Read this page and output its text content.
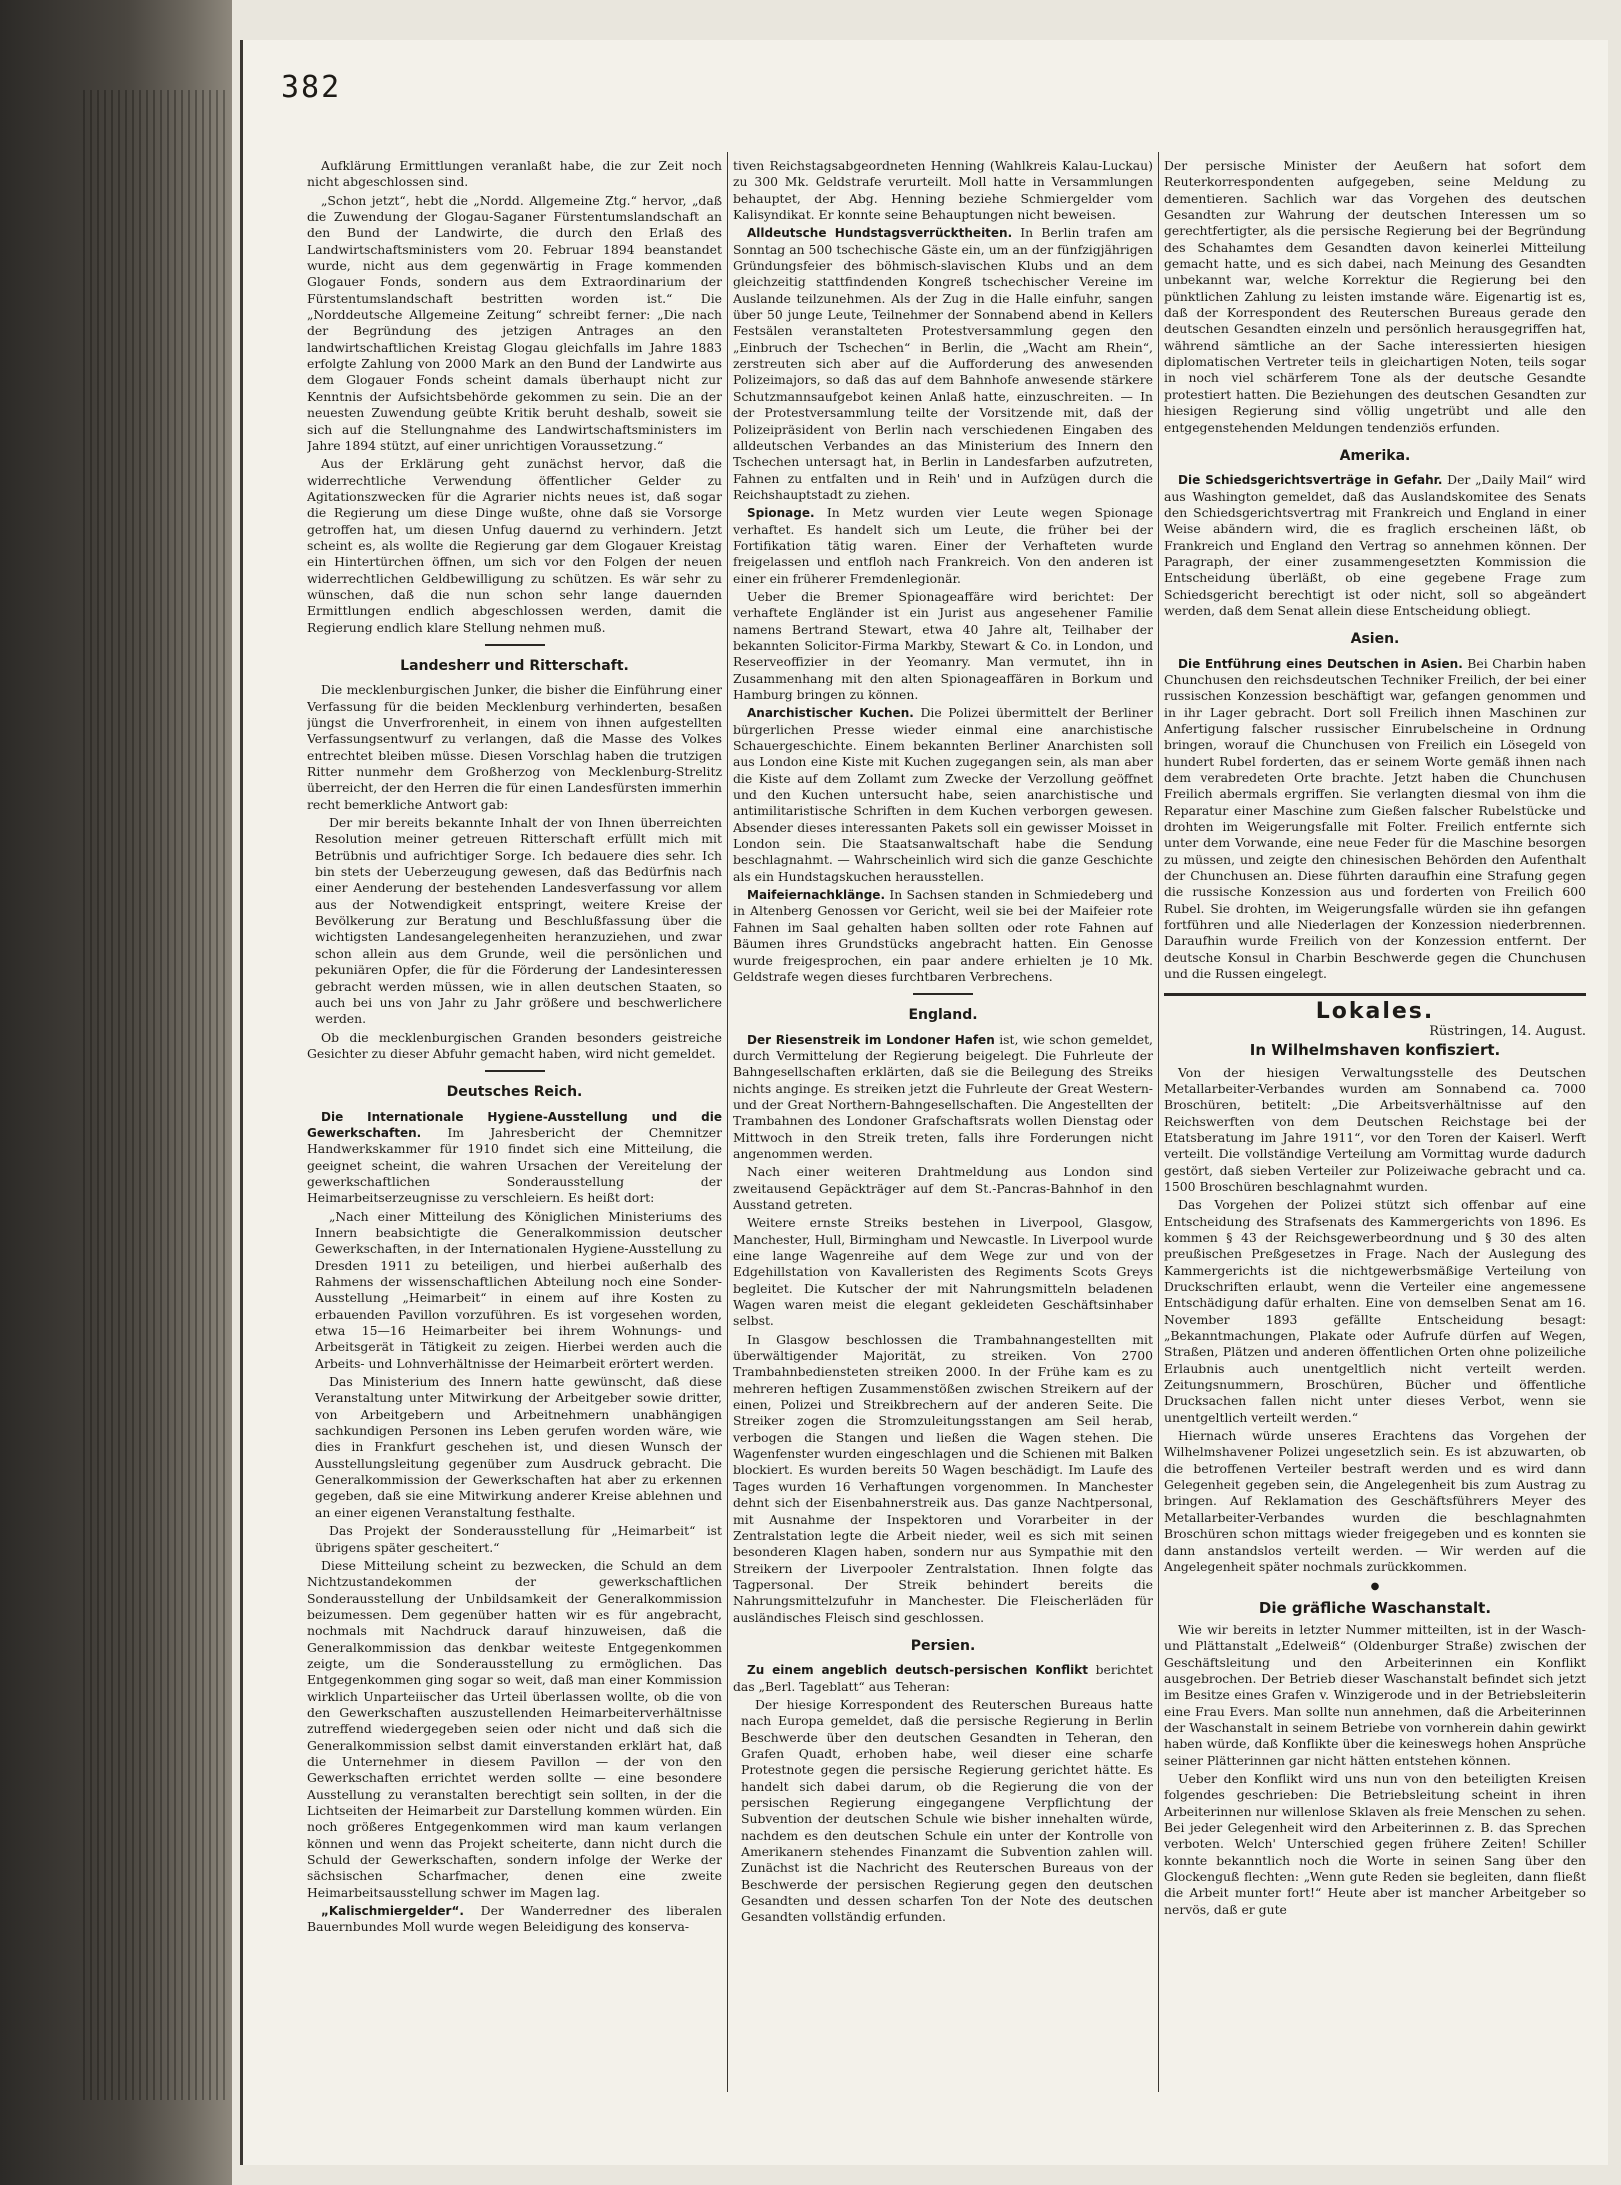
382

Aufklärung Ermittlungen veranlaßt habe, die zur Zeit noch nicht abgeschlossen sind.

„Schon jetzt“, hebt die „Nordd. Allgemeine Ztg.“ hervor, „daß die Zuwendung der Glogau-Saganer Fürstentumslandschaft an den Bund der Landwirte, die durch den Erlaß des Landwirtschaftsministers vom 20. Februar 1894 beanstandet wurde, nicht aus dem gegenwärtig in Frage kommenden Glogauer Fonds, sondern aus dem Extraordinarium der Fürstentumslandschaft bestritten worden ist.“ Die „Norddeutsche Allgemeine Zeitung“ schreibt ferner: „Die nach der Begründung des jetzigen Antrages an den landwirtschaftlichen Kreistag Glogau gleichfalls im Jahre 1883 erfolgte Zahlung von 2000 Mark an den Bund der Landwirte aus dem Glogauer Fonds scheint damals überhaupt nicht zur Kenntnis der Aufsichtsbehörde gekommen zu sein. Die an der neuesten Zuwendung geübte Kritik beruht deshalb, soweit sie sich auf die Stellungnahme des Landwirtschaftsministers im Jahre 1894 stützt, auf einer unrichtigen Voraussetzung.“

Aus der Erklärung geht zunächst hervor, daß die widerrechtliche Verwendung öffentlicher Gelder zu Agitationszwecken für die Agrarier nichts neues ist, daß sogar die Regierung um diese Dinge wußte, ohne daß sie Vorsorge getroffen hat, um diesen Unfug dauernd zu verhindern. Jetzt scheint es, als wollte die Regierung gar dem Glogauer Kreistag ein Hintertürchen öffnen, um sich vor den Folgen der neuen widerrechtlichen Geldbewilligung zu schützen. Es wär sehr zu wünschen, daß die nun schon sehr lange dauernden Ermittlungen endlich abgeschlossen werden, damit die Regierung endlich klare Stellung nehmen muß.

Landesherr und Ritterschaft.

Die mecklenburgischen Junker, die bisher die Einführung einer Verfassung für die beiden Mecklenburg verhinderten, besaßen jüngst die Unverfrorenheit, in einem von ihnen aufgestellten Verfassungsentwurf zu verlangen, daß die Masse des Volkes entrechtet bleiben müsse. Diesen Vorschlag haben die trutzigen Ritter nunmehr dem Großherzog von Mecklenburg-Strelitz überreicht, der den Herren die für einen Landesfürsten immerhin recht bemerkliche Antwort gab:

Der mir bereits bekannte Inhalt der von Ihnen überreichten Resolution meiner getreuen Ritterschaft erfüllt mich mit Betrübnis und aufrichtiger Sorge. Ich bedauere dies sehr. Ich bin stets der Ueberzeugung gewesen, daß das Bedürfnis nach einer Aenderung der bestehenden Landesverfassung vor allem aus der Notwendigkeit entspringt, weitere Kreise der Bevölkerung zur Beratung und Beschlußfassung über die wichtigsten Landesangelegenheiten heranzuziehen, und zwar schon allein aus dem Grunde, weil die persönlichen und pekuniären Opfer, die für die Förderung der Landesinteressen gebracht werden müssen, wie in allen deutschen Staaten, so auch bei uns von Jahr zu Jahr größere und beschwerlichere werden.

Ob die mecklenburgischen Granden besonders geistreiche Gesichter zu dieser Abfuhr gemacht haben, wird nicht gemeldet.

Deutsches Reich.

Die Internationale Hygiene-Ausstellung und die Gewerkschaften. Im Jahresbericht der Chemnitzer Handwerkskammer für 1910 findet sich eine Mitteilung, die geeignet scheint, die wahren Ursachen der Vereitelung der gewerkschaftlichen Sonderausstellung der Heimarbeitserzeugnisse zu verschleiern. Es heißt dort:

„Nach einer Mitteilung des Königlichen Ministeriums des Innern beabsichtigte die Generalkommission deutscher Gewerkschaften, in der Internationalen Hygiene-Ausstellung zu Dresden 1911 zu beteiligen, und hierbei außerhalb des Rahmens der wissenschaftlichen Abteilung noch eine Sonder-Ausstellung „Heimarbeit“ in einem auf ihre Kosten zu erbauenden Pavillon vorzuführen. Es ist vorgesehen worden, etwa 15—16 Heimarbeiter bei ihrem Wohnungs- und Arbeitsgerät in Tätigkeit zu zeigen. Hierbei werden auch die Arbeits- und Lohnverhältnisse der Heimarbeit erörtert werden.

Das Ministerium des Innern hatte gewünscht, daß diese Veranstaltung unter Mitwirkung der Arbeitgeber sowie dritter, von Arbeitgebern und Arbeitnehmern unabhängigen sachkundigen Personen ins Leben gerufen worden wäre, wie dies in Frankfurt geschehen ist, und diesen Wunsch der Ausstellungsleitung gegenüber zum Ausdruck gebracht. Die Generalkommission der Gewerkschaften hat aber zu erkennen gegeben, daß sie eine Mitwirkung anderer Kreise ablehnen und an einer eigenen Veranstaltung festhalte.

Das Projekt der Sonderausstellung für „Heimarbeit“ ist übrigens später gescheitert.“

Diese Mitteilung scheint zu bezwecken, die Schuld an dem Nichtzustandekommen der gewerkschaftlichen Sonderausstellung der Unbildsamkeit der Generalkommission beizumessen. Dem gegenüber hatten wir es für angebracht, nochmals mit Nachdruck darauf hinzuweisen, daß die Generalkommission das denkbar weiteste Entgegenkommen zeigte, um die Sonderausstellung zu ermöglichen. Das Entgegenkommen ging sogar so weit, daß man einer Kommission wirklich Unparteiischer das Urteil überlassen wollte, ob die von den Gewerkschaften auszustellenden Heimarbeiterverhältnisse zutreffend wiedergegeben seien oder nicht und daß sich die Generalkommission selbst damit einverstanden erklärt hat, daß die Unternehmer in diesem Pavillon — der von den Gewerkschaften errichtet werden sollte — eine besondere Ausstellung zu veranstalten berechtigt sein sollten, in der die Lichtseiten der Heimarbeit zur Darstellung kommen würden. Ein noch größeres Entgegenkommen wird man kaum verlangen können und wenn das Projekt scheiterte, dann nicht durch die Schuld der Gewerkschaften, sondern infolge der Werke der sächsischen Scharfmacher, denen eine zweite Heimarbeitsausstellung schwer im Magen lag.

„Kalischmiergelder“. Der Wanderredner des liberalen Bauernbundes Moll wurde wegen Beleidigung des konserva-

tiven Reichstagsabgeordneten Henning (Wahlkreis Kalau-Luckau) zu 300 Mk. Geldstrafe verurteilt. Moll hatte in Versammlungen behauptet, der Abg. Henning beziehe Schmiergelder vom Kalisyndikat. Er konnte seine Behauptungen nicht beweisen.

Alldeutsche Hundstagsverrücktheiten. In Berlin trafen am Sonntag an 500 tschechische Gäste ein, um an der fünfzigjährigen Gründungsfeier des böhmisch-slavischen Klubs und an dem gleichzeitig stattfindenden Kongreß tschechischer Vereine im Auslande teilzunehmen. Als der Zug in die Halle einfuhr, sangen über 50 junge Leute, Teilnehmer der Sonnabend abend in Kellers Festsälen veranstalteten Protestversammlung gegen den „Einbruch der Tschechen“ in Berlin, die „Wacht am Rhein“, zerstreuten sich aber auf die Aufforderung des anwesenden Polizeimajors, so daß das auf dem Bahnhofe anwesende stärkere Schutzmannsaufgebot keinen Anlaß hatte, einzuschreiten. — In der Protestversammlung teilte der Vorsitzende mit, daß der Polizeipräsident von Berlin nach verschiedenen Eingaben des alldeutschen Verbandes an das Ministerium des Innern den Tschechen untersagt hat, in Berlin in Landesfarben aufzutreten, Fahnen zu entfalten und in Reih' und in Aufzügen durch die Reichshauptstadt zu ziehen.

Spionage. In Metz wurden vier Leute wegen Spionage verhaftet. Es handelt sich um Leute, die früher bei der Fortifikation tätig waren. Einer der Verhafteten wurde freigelassen und entfloh nach Frankreich. Von den anderen ist einer ein früherer Fremdenlegionär.

Ueber die Bremer Spionageaffäre wird berichtet: Der verhaftete Engländer ist ein Jurist aus angesehener Familie namens Bertrand Stewart, etwa 40 Jahre alt, Teilhaber der bekannten Solicitor-Firma Markby, Stewart & Co. in London, und Reserveoffizier in der Yeomanry. Man vermutet, ihn in Zusammenhang mit den alten Spionageaffären in Borkum und Hamburg bringen zu können.

Anarchistischer Kuchen. Die Polizei übermittelt der Berliner bürgerlichen Presse wieder einmal eine anarchistische Schauergeschichte. Einem bekannten Berliner Anarchisten soll aus London eine Kiste mit Kuchen zugegangen sein, als man aber die Kiste auf dem Zollamt zum Zwecke der Verzollung geöffnet und den Kuchen untersucht habe, seien anarchistische und antimilitaristische Schriften in dem Kuchen verborgen gewesen. Absender dieses interessanten Pakets soll ein gewisser Moisset in London sein. Die Staatsanwaltschaft habe die Sendung beschlagnahmt. — Wahrscheinlich wird sich die ganze Geschichte als ein Hundstagskuchen herausstellen.

Maifeiernachklänge. In Sachsen standen in Schmiedeberg und in Altenberg Genossen vor Gericht, weil sie bei der Maifeier rote Fahnen im Saal gehalten haben sollten oder rote Fahnen auf Bäumen ihres Grundstücks angebracht hatten. Ein Genosse wurde freigesprochen, ein paar andere erhielten je 10 Mk. Geldstrafe wegen dieses furchtbaren Verbrechens.

England.

Der Riesenstreik im Londoner Hafen ist, wie schon gemeldet, durch Vermittelung der Regierung beigelegt. Die Fuhrleute der Bahngesellschaften erklärten, daß sie die Beilegung des Streiks nichts anginge. Es streiken jetzt die Fuhrleute der Great Western- und der Great Northern-Bahngesellschaften. Die Angestellten der Trambahnen des Londoner Grafschaftsrats wollen Dienstag oder Mittwoch in den Streik treten, falls ihre Forderungen nicht angenommen werden.

Nach einer weiteren Drahtmeldung aus London sind zweitausend Gepäckträger auf dem St.-Pancras-Bahnhof in den Ausstand getreten.

Weitere ernste Streiks bestehen in Liverpool, Glasgow, Manchester, Hull, Birmingham und Newcastle. In Liverpool wurde eine lange Wagenreihe auf dem Wege zur und von der Edgehillstation von Kavalleristen des Regiments Scots Greys begleitet. Die Kutscher der mit Nahrungsmitteln beladenen Wagen waren meist die elegant gekleideten Geschäftsinhaber selbst.

In Glasgow beschlossen die Trambahnangestellten mit überwältigender Majorität, zu streiken. Von 2700 Trambahnbediensteten streiken 2000. In der Frühe kam es zu mehreren heftigen Zusammenstößen zwischen Streikern auf der einen, Polizei und Streikbrechern auf der anderen Seite. Die Streiker zogen die Stromzuleitungsstangen am Seil herab, verbogen die Stangen und ließen die Wagen stehen. Die Wagenfenster wurden eingeschlagen und die Schienen mit Balken blockiert. Es wurden bereits 50 Wagen beschädigt. Im Laufe des Tages wurden 16 Verhaftungen vorgenommen. In Manchester dehnt sich der Eisenbahnerstreik aus. Das ganze Nachtpersonal, mit Ausnahme der Inspektoren und Vorarbeiter in der Zentralstation legte die Arbeit nieder, weil es sich mit seinen besonderen Klagen haben, sondern nur aus Sympathie mit den Streikern der Liverpooler Zentralstation. Ihnen folgte das Tagpersonal. Der Streik behindert bereits die Nahrungsmittelzufuhr in Manchester. Die Fleischerläden für ausländisches Fleisch sind geschlossen.

Persien.

Zu einem angeblich deutsch-persischen Konflikt berichtet das „Berl. Tageblatt“ aus Teheran:

Der hiesige Korrespondent des Reuterschen Bureaus hatte nach Europa gemeldet, daß die persische Regierung in Berlin Beschwerde über den deutschen Gesandten in Teheran, den Grafen Quadt, erhoben habe, weil dieser eine scharfe Protestnote gegen die persische Regierung gerichtet hätte. Es handelt sich dabei darum, ob die Regierung die von der persischen Regierung eingegangene Verpflichtung der Subvention der deutschen Schule wie bisher innehalten würde, nachdem es den deutschen Schule ein unter der Kontrolle von Amerikanern stehendes Finanzamt die Subvention zahlen will. Zunächst ist die Nachricht des Reuterschen Bureaus von der Beschwerde der persischen Regierung gegen den deutschen Gesandten und dessen scharfen Ton der Note des deutschen Gesandten vollständig erfunden.

Der persische Minister der Aeußern hat sofort dem Reuterkorrespondenten aufgegeben, seine Meldung zu dementieren. Sachlich war das Vorgehen des deutschen Gesandten zur Wahrung der deutschen Interessen um so gerechtfertigter, als die persische Regierung bei der Begründung des Schahamtes dem Gesandten davon keinerlei Mitteilung gemacht hatte, und es sich dabei, nach Meinung des Gesandten unbekannt war, welche Korrektur die Regierung bei den pünktlichen Zahlung zu leisten imstande wäre. Eigenartig ist es, daß der Korrespondent des Reuterschen Bureaus gerade den deutschen Gesandten einzeln und persönlich herausgegriffen hat, während sämtliche an der Sache interessierten hiesigen diplomatischen Vertreter teils in gleichartigen Noten, teils sogar in noch viel schärferem Tone als der deutsche Gesandte protestiert hatten. Die Beziehungen des deutschen Gesandten zur hiesigen Regierung sind völlig ungetrübt und alle den entgegenstehenden Meldungen tendenziös erfunden.

Amerika.

Die Schiedsgerichtsverträge in Gefahr. Der „Daily Mail“ wird aus Washington gemeldet, daß das Auslandskomitee des Senats den Schiedsgerichtsvertrag mit Frankreich und England in einer Weise abändern wird, die es fraglich erscheinen läßt, ob Frankreich und England den Vertrag so annehmen können. Der Paragraph, der einer zusammengesetzten Kommission die Entscheidung überläßt, ob eine gegebene Frage zum Schiedsgericht berechtigt ist oder nicht, soll so abgeändert werden, daß dem Senat allein diese Entscheidung obliegt.

Asien.

Die Entführung eines Deutschen in Asien. Bei Charbin haben Chunchusen den reichsdeutschen Techniker Freilich, der bei einer russischen Konzession beschäftigt war, gefangen genommen und in ihr Lager gebracht. Dort soll Freilich ihnen Maschinen zur Anfertigung falscher russischer Einrubelscheine in Ordnung bringen, worauf die Chunchusen von Freilich ein Lösegeld von hundert Rubel forderten, das er seinem Worte gemäß ihnen nach dem verabredeten Orte brachte. Jetzt haben die Chunchusen Freilich abermals ergriffen. Sie verlangten diesmal von ihm die Reparatur einer Maschine zum Gießen falscher Rubelstücke und drohten im Weigerungsfalle mit Folter. Freilich entfernte sich unter dem Vorwande, eine neue Feder für die Maschine besorgen zu müssen, und zeigte den chinesischen Behörden den Aufenthalt der Chunchusen an. Diese führten daraufhin eine Strafung gegen die russische Konzession aus und forderten von Freilich 600 Rubel. Sie drohten, im Weigerungsfalle würden sie ihn gefangen fortführen und alle Niederlagen der Konzession niederbrennen. Daraufhin wurde Freilich von der Konzession entfernt. Der deutsche Konsul in Charbin Beschwerde gegen die Chunchusen und die Russen eingelegt.

Lokales.
Rüstringen, 14. August.
In Wilhelmshaven konfisziert.

Von der hiesigen Verwaltungsstelle des Deutschen Metallarbeiter-Verbandes wurden am Sonnabend ca. 7000 Broschüren, betitelt: „Die Arbeitsverhältnisse auf den Reichswerften von dem Deutschen Reichstage bei der Etatsberatung im Jahre 1911“, vor den Toren der Kaiserl. Werft verteilt. Die vollständige Verteilung am Vormittag wurde dadurch gestört, daß sieben Verteiler zur Polizeiwache gebracht und ca. 1500 Broschüren beschlagnahmt wurden.

Das Vorgehen der Polizei stützt sich offenbar auf eine Entscheidung des Strafsenats des Kammergerichts von 1896. Es kommen § 43 der Reichsgewerbeordnung und § 30 des alten preußischen Preßgesetzes in Frage. Nach der Auslegung des Kammergerichts ist die nichtgewerbsmäßige Verteilung von Druckschriften erlaubt, wenn die Verteiler eine angemessene Entschädigung dafür erhalten. Eine von demselben Senat am 16. November 1893 gefällte Entscheidung besagt: „Bekanntmachungen, Plakate oder Aufrufe dürfen auf Wegen, Straßen, Plätzen und anderen öffentlichen Orten ohne polizeiliche Erlaubnis auch unentgeltlich nicht verteilt werden. Zeitungsnummern, Broschüren, Bücher und öffentliche Drucksachen fallen nicht unter dieses Verbot, wenn sie unentgeltlich verteilt werden.“

Hiernach würde unseres Erachtens das Vorgehen der Wilhelmshavener Polizei ungesetzlich sein. Es ist abzuwarten, ob die betroffenen Verteiler bestraft werden und es wird dann Gelegenheit gegeben sein, die Angelegenheit bis zum Austrag zu bringen. Auf Reklamation des Geschäftsführers Meyer des Metallarbeiter-Verbandes wurden die beschlagnahmten Broschüren schon mittags wieder freigegeben und es konnten sie dann anstandslos verteilt werden. — Wir werden auf die Angelegenheit später nochmals zurückkommen.

●
Die gräfliche Waschanstalt.

Wie wir bereits in letzter Nummer mitteilten, ist in der Wasch- und Plättanstalt „Edelweiß“ (Oldenburger Straße) zwischen der Geschäftsleitung und den Arbeiterinnen ein Konflikt ausgebrochen. Der Betrieb dieser Waschanstalt befindet sich jetzt im Besitze eines Grafen v. Winzigerode und in der Betriebsleiterin eine Frau Evers. Man sollte nun annehmen, daß die Arbeiterinnen der Waschanstalt in seinem Betriebe von vornherein dahin gewirkt haben würde, daß Konflikte über die keineswegs hohen Ansprüche seiner Plätterinnen gar nicht hätten entstehen können.

Ueber den Konflikt wird uns nun von den beteiligten Kreisen folgendes geschrieben: Die Betriebsleitung scheint in ihren Arbeiterinnen nur willenlose Sklaven als freie Menschen zu sehen. Bei jeder Gelegenheit wird den Arbeiterinnen z. B. das Sprechen verboten. Welch' Unterschied gegen frühere Zeiten! Schiller konnte bekanntlich noch die Worte in seinen Sang über den Glockenguß flechten: „Wenn gute Reden sie begleiten, dann fließt die Arbeit munter fort!“ Heute aber ist mancher Arbeitgeber so nervös, daß er gute
